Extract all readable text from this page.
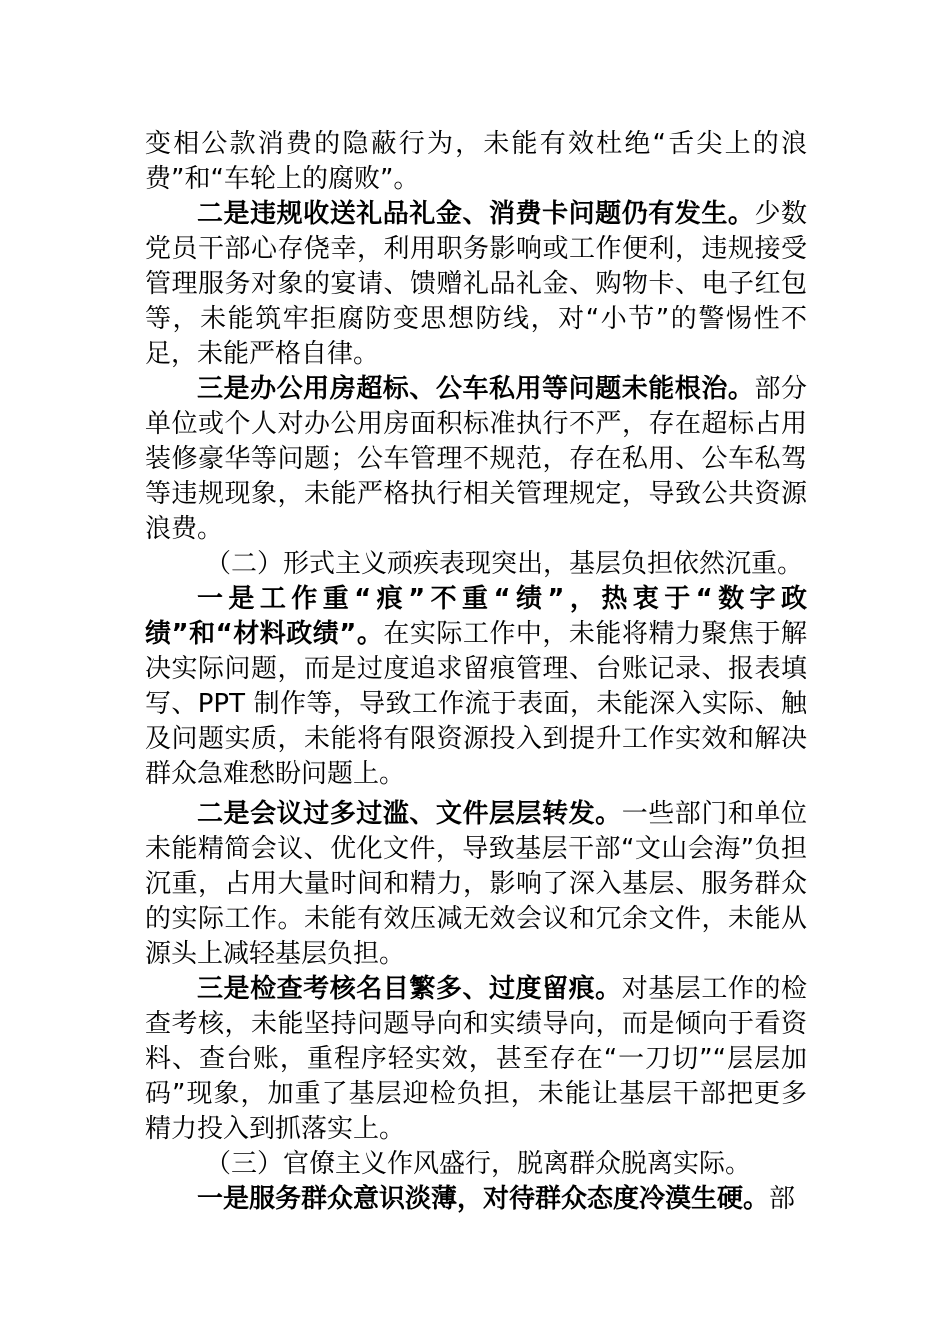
变相公款消费的隐蔽行为，未能有效杜绝“舌尖上的浪费”和“车轮上的腐败”。

二是违规收送礼品礼金、消费卡问题仍有发生。少数党员干部心存侥幸，利用职务影响或工作便利，违规接受管理服务对象的宴请、馈赠礼品礼金、购物卡、电子红包等，未能筑牢拒腐防变思想防线，对“小节”的警惕性不足，未能严格自律。

三是办公用房超标、公车私用等问题未能根治。部分单位或个人对办公用房面积标准执行不严，存在超标占用装修豪华等问题；公车管理不规范，存在私用、公车私驾等违规现象，未能严格执行相关管理规定，导致公共资源浪费。

（二）形式主义顽疾表现突出，基层负担依然沉重。

一是工作重“痕”不重“绩”，热衷于“数字政绩”和“材料政绩”。在实际工作中，未能将精力聚焦于解决实际问题，而是过度追求留痕管理、台账记录、报表填写、PPT 制作等，导致工作流于表面，未能深入实际、触及问题实质，未能将有限资源投入到提升工作实效和解决群众急难愁盼问题上。

二是会议过多过滥、文件层层转发。一些部门和单位未能精简会议、优化文件，导致基层干部“文山会海”负担沉重，占用大量时间和精力，影响了深入基层、服务群众的实际工作。未能有效压减无效会议和冗余文件，未能从源头上减轻基层负担。

三是检查考核名目繁多、过度留痕。对基层工作的检查考核，未能坚持问题导向和实绩导向，而是倾向于看资料、查台账，重程序轻实效，甚至存在“一刀切”“层层加码”现象，加重了基层迎检负担，未能让基层干部把更多精力投入到抓落实上。

（三）官僚主义作风盛行，脱离群众脱离实际。

一是服务群众意识淡薄，对待群众态度冷漠生硬。部
